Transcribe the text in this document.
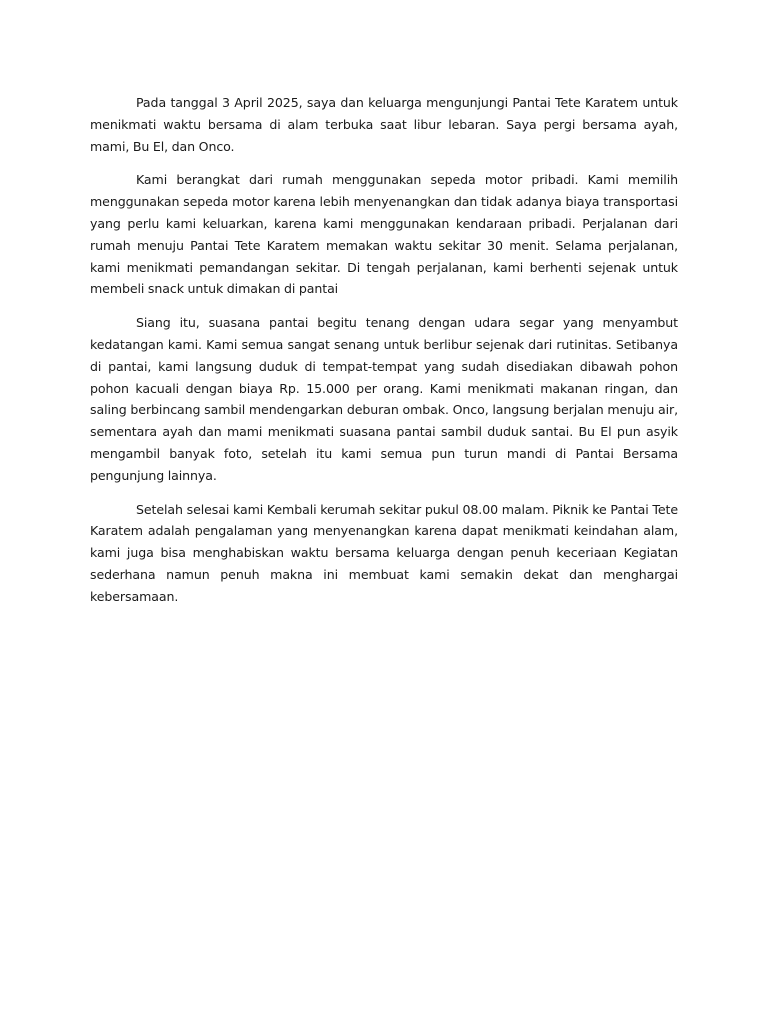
Pada tanggal 3 April 2025, saya dan keluarga mengunjungi Pantai Tete Karatem untuk menikmati waktu bersama di alam terbuka saat libur lebaran. Saya pergi bersama ayah, mami, Bu El, dan Onco.

Kami berangkat dari rumah menggunakan sepeda motor pribadi. Kami memilih menggunakan sepeda motor karena lebih menyenangkan dan tidak adanya biaya transportasi yang perlu kami keluarkan, karena kami menggunakan kendaraan pribadi. Perjalanan dari rumah menuju Pantai Tete Karatem memakan waktu sekitar 30 menit. Selama perjalanan, kami menikmati pemandangan sekitar. Di tengah perjalanan, kami berhenti sejenak untuk membeli snack untuk dimakan di pantai

Siang itu, suasana pantai begitu tenang dengan udara segar yang menyambut kedatangan kami. Kami semua sangat senang untuk berlibur sejenak dari rutinitas. Setibanya di pantai, kami langsung duduk di tempat-tempat yang sudah disediakan dibawah pohon pohon kacuali dengan biaya Rp. 15.000 per orang. Kami menikmati makanan ringan, dan saling berbincang sambil mendengarkan deburan ombak. Onco, langsung berjalan menuju air, sementara ayah dan mami menikmati suasana pantai sambil duduk santai. Bu El pun asyik mengambil banyak foto, setelah itu kami semua pun turun mandi di Pantai Bersama pengunjung lainnya.

Setelah selesai kami Kembali kerumah sekitar pukul 08.00 malam. Piknik ke Pantai Tete Karatem adalah pengalaman yang menyenangkan karena dapat menikmati keindahan alam, kami juga bisa menghabiskan waktu bersama keluarga dengan penuh keceriaan Kegiatan sederhana namun penuh makna ini membuat kami semakin dekat dan menghargai kebersamaan.
